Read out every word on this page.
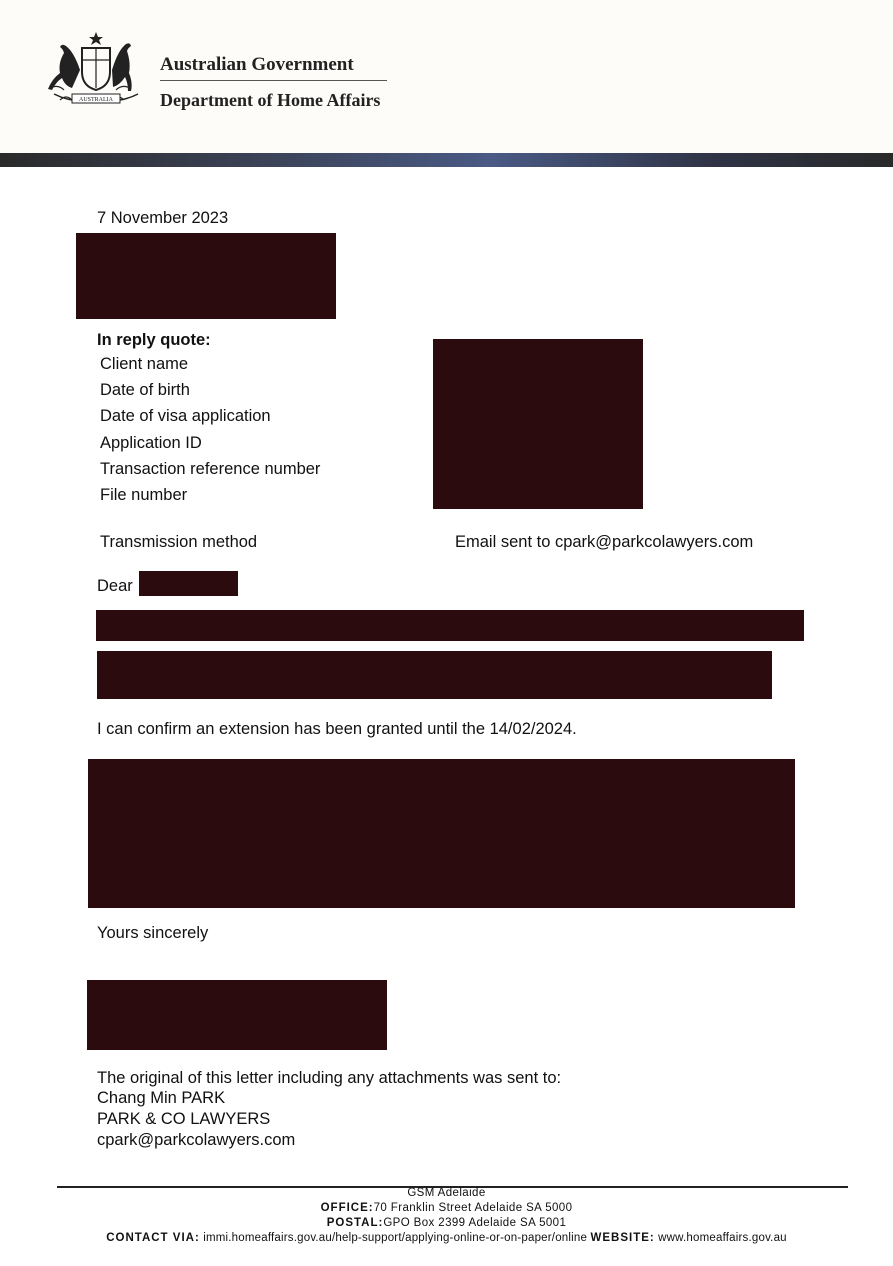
AUSTRALIA
Australian Government
Department of Home Affairs
7 November 2023
In reply quote:
Client name
Date of birth
Date of visa application
Application ID
Transaction reference number
File number
Transmission method	Email sent to cpark@parkcolawyers.com
Dear
I can confirm an extension has been granted until the 14/02/2024.
Yours sincerely
The original of this letter including any attachments was sent to:
Chang Min PARK
PARK & CO LAWYERS
cpark@parkcolawyers.com
GSM Adelaide
OFFICE:70 Franklin Street Adelaide SA 5000
POSTAL:GPO Box 2399 Adelaide SA 5001
CONTACT VIA: immi.homeaffairs.gov.au/help-support/applying-online-or-on-paper/online WEBSITE: www.homeaffairs.gov.au
